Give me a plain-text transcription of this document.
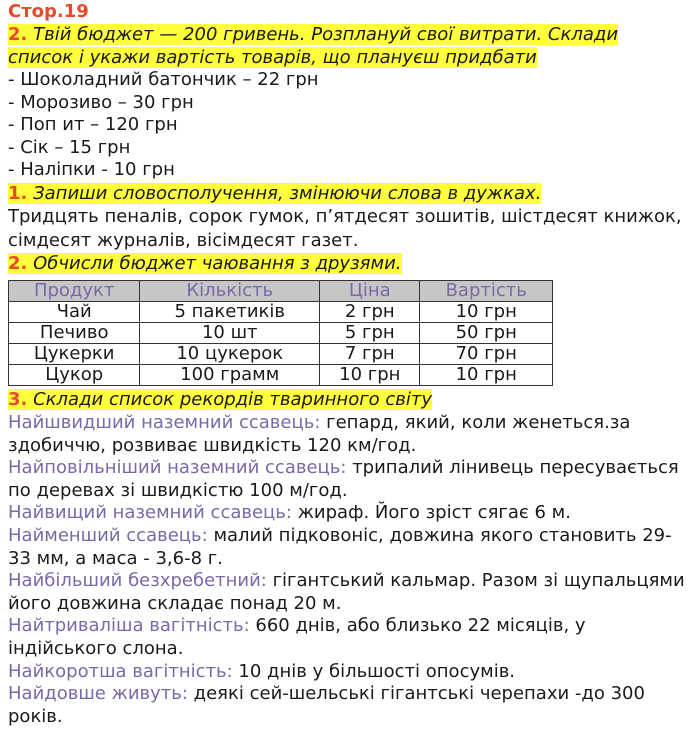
Стор.19
2. Твій бюджет — 200 гривень. Розплануй свої витрати. Склади
список і укажи вартість товарів, що плануєш придбати
- Шоколадний батончик – 22 грн
- Морозиво – 30 грн
- Поп ит – 120 грн
- Сік – 15 грн
- Наліпки - 10 грн
1. Запиши словосполучення, змінюючи слова в дужках.
Тридцять пеналів, сорок гумок, п’ятдесят зошитів, шістдесят книжок,
сімдесят журналів, вісімдесят газет.
2. Обчисли бюджет чаювання з друзями.
Продукт	Кількість	Ціна	Вартість
Чай	5 пакетиків	2 грн	10 грн
Печиво	10 шт	5 грн	50 грн
Цукерки	10 цукерок	7 грн	70 грн
Цукор	100 грамм	10 грн	10 грн
3. Склади список рекордів тваринного світу
Найшвидший наземний ссавець: гепард, який, коли женеться.за здобиччю, розвиває швидкість 120 км/год.
Найповільніший наземний ссавець: трипалий лінивець пересувається по деревах зі швидкістю 100 м/год.
Найвищий наземний ссавець: жираф. Його зріст сягає 6 м.
Найменший ссавець: малий підковоніс, довжина якого становить 29-33 мм, а маса - 3,6-8 г.
Найбільший безхребетний: гігантський кальмар. Разом зі щупальцями його довжина складає понад 20 м.
Найтриваліша вагітність: 660 днів, або близько 22 місяців, у індійського слона.
Найкоротша вагітність: 10 днів у більшості опосумів.
Найдовше живуть: деякі сей-шельські гігантські черепахи -до 300 років.
